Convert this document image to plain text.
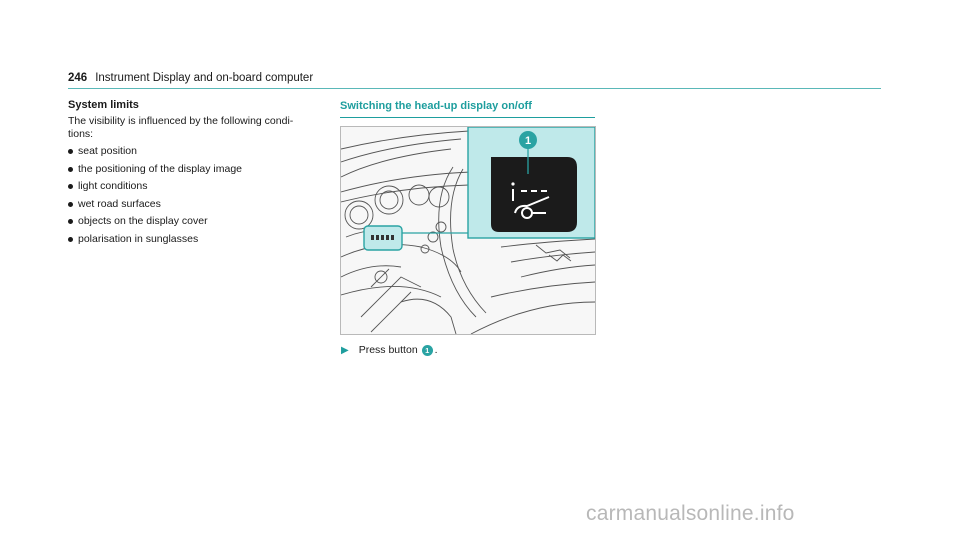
246 Instrument Display and on-board computer
System limits

The visibility is influenced by the following condi-
tions:

seat position
the positioning of the display image
light conditions
wet road surfaces
objects on the display cover
polarisation in sunglasses
Switching the head-up display on/off
1
▶ Press button 1 .
carmanualsonline.info
